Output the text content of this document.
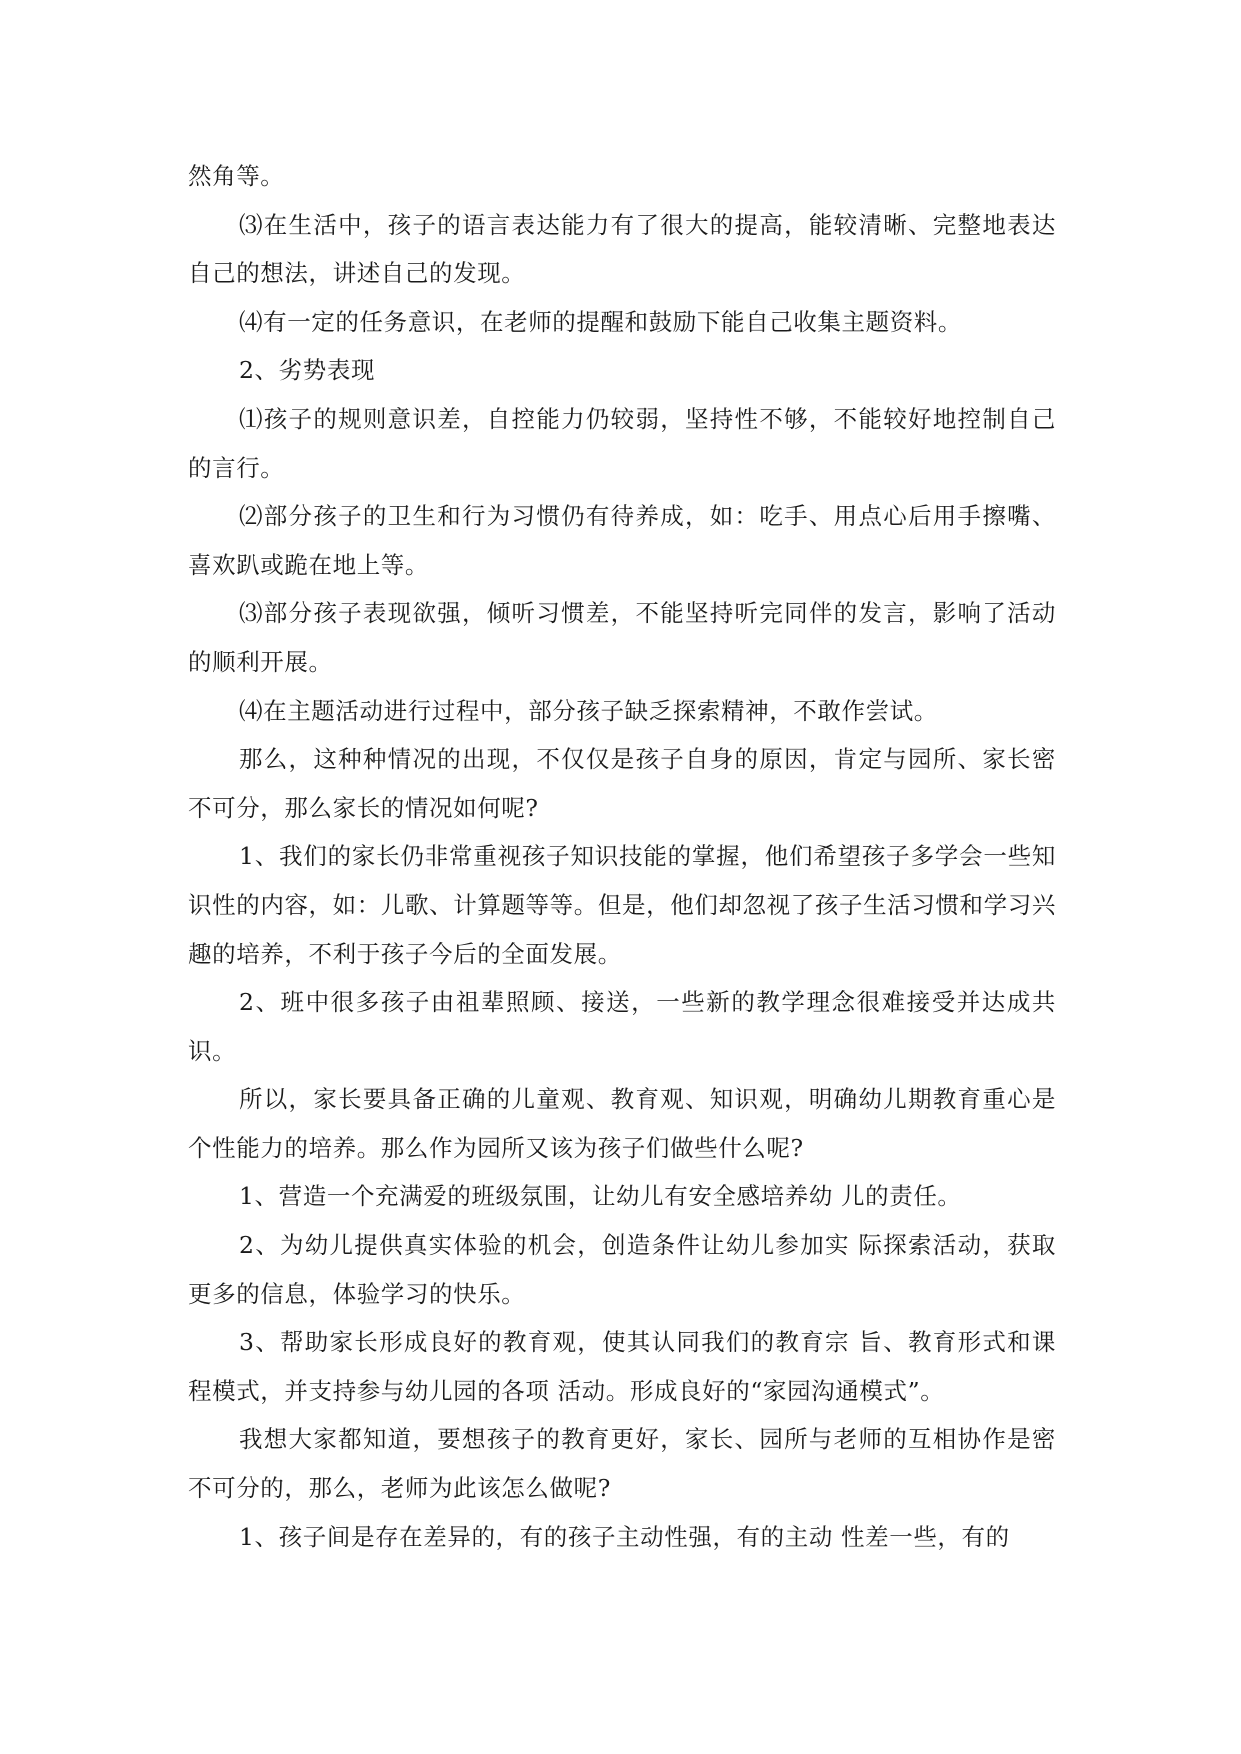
然角等。

⑶在生活中，孩子的语言表达能力有了很大的提高，能较清晰、完整地表达自己的想法，讲述自己的发现。

⑷有一定的任务意识，在老师的提醒和鼓励下能自己收集主题资料。

2、劣势表现

⑴孩子的规则意识差，自控能力仍较弱，坚持性不够，不能较好地控制自己的言行。

⑵部分孩子的卫生和行为习惯仍有待养成，如：吃手、用点心后用手擦嘴、喜欢趴或跪在地上等。

⑶部分孩子表现欲强，倾听习惯差，不能坚持听完同伴的发言，影响了活动的顺利开展。

⑷在主题活动进行过程中，部分孩子缺乏探索精神，不敢作尝试。

那么，这种种情况的出现，不仅仅是孩子自身的原因，肯定与园所、家长密不可分，那么家长的情况如何呢?

1、我们的家长仍非常重视孩子知识技能的掌握，他们希望孩子多学会一些知识性的内容，如：儿歌、计算题等等。但是，他们却忽视了孩子生活习惯和学习兴趣的培养，不利于孩子今后的全面发展。

2、班中很多孩子由祖辈照顾、接送，一些新的教学理念很难接受并达成共识。

所以，家长要具备正确的儿童观、教育观、知识观，明确幼儿期教育重心是个性能力的培养。那么作为园所又该为孩子们做些什么呢?

1、营造一个充满爱的班级氛围，让幼儿有安全感培养幼 儿的责任。

2、为幼儿提供真实体验的机会，创造条件让幼儿参加实 际探索活动，获取更多的信息，体验学习的快乐。

3、帮助家长形成良好的教育观，使其认同我们的教育宗 旨、教育形式和课程模式，并支持参与幼儿园的各项 活动。形成良好的“家园沟通模式”。

我想大家都知道，要想孩子的教育更好，家长、园所与老师的互相协作是密不可分的，那么，老师为此该怎么做呢?

1、孩子间是存在差异的，有的孩子主动性强，有的主动 性差一些，有的
